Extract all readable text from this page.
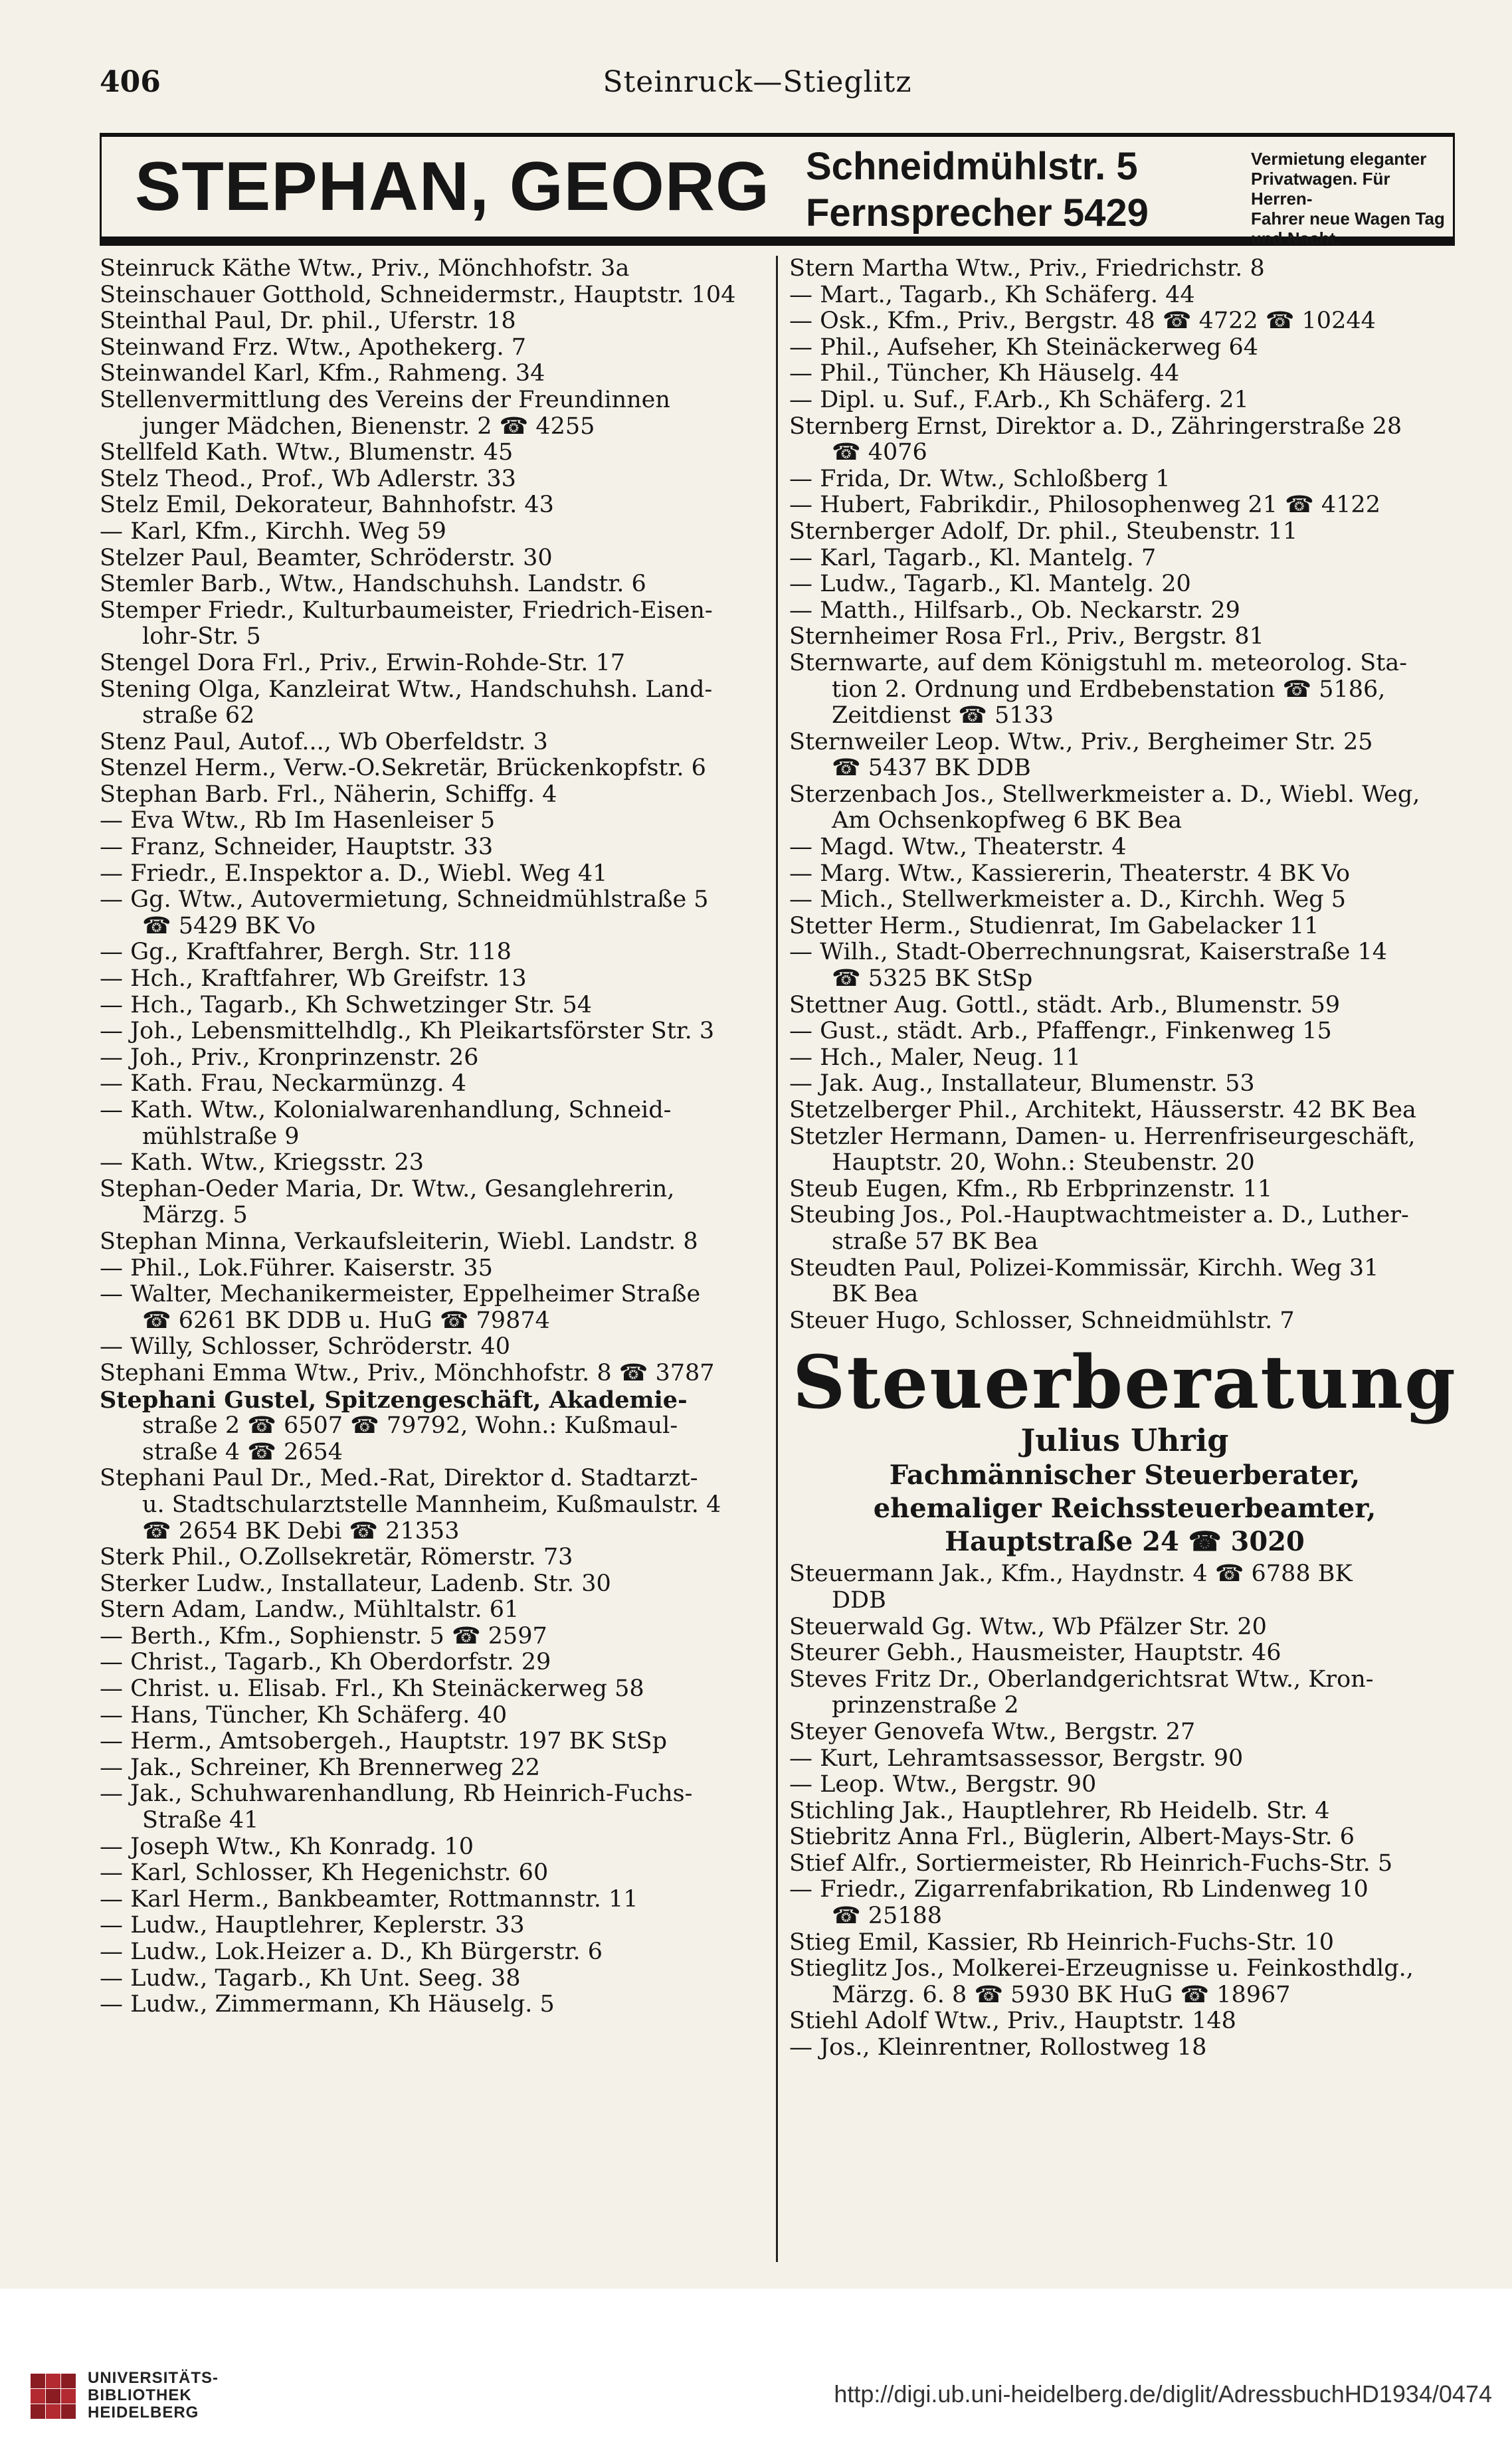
406	Steinruck—Stieglitz
STEPHAN, GEORG Schneidmühlstr. 5
Fernsprecher 5429
Vermietung eleganter
Privatwagen. Für Herren-
Fahrer neue Wagen Tag
und Nacht.
Steinruck Käthe Wtw., Priv., Mönchhofstr. 3a
Steinschauer Gotthold, Schneidermstr., Hauptstr. 104
Steinthal Paul, Dr. phil., Uferstr. 18
Steinwand Frz. Wtw., Apothekerg. 7
Steinwandel Karl, Kfm., Rahmeng. 34
Stellenvermittlung des Vereins der Freundinnen
junger Mädchen, Bienenstr. 2 ☎ 4255
Stellfeld Kath. Wtw., Blumenstr. 45
Stelz Theod., Prof., Wb Adlerstr. 33
Stelz Emil, Dekorateur, Bahnhofstr. 43
— Karl, Kfm., Kirchh. Weg 59
Stelzer Paul, Beamter, Schröderstr. 30
Stemler Barb., Wtw., Handschuhsh. Landstr. 6
Stemper Friedr., Kulturbaumeister, Friedrich-Eisen-
lohr-Str. 5
Stengel Dora Frl., Priv., Erwin-Rohde-Str. 17
Stening Olga, Kanzleirat Wtw., Handschuhsh. Land-
straße 62
Stenz Paul, Autof..., Wb Oberfeldstr. 3
Stenzel Herm., Verw.-O.Sekretär, Brückenkopfstr. 6
Stephan Barb. Frl., Näherin, Schiffg. 4
— Eva Wtw., Rb Im Hasenleiser 5
— Franz, Schneider, Hauptstr. 33
— Friedr., E.Inspektor a. D., Wiebl. Weg 41
— Gg. Wtw., Autovermietung, Schneidmühlstraße 5
☎ 5429 BK Vo
— Gg., Kraftfahrer, Bergh. Str. 118
— Hch., Kraftfahrer, Wb Greifstr. 13
— Hch., Tagarb., Kh Schwetzinger Str. 54
— Joh., Lebensmittelhdlg., Kh Pleikartsförster Str. 3
— Joh., Priv., Kronprinzenstr. 26
— Kath. Frau, Neckarmünzg. 4
— Kath. Wtw., Kolonialwarenhandlung, Schneid-
mühlstraße 9
— Kath. Wtw., Kriegsstr. 23
Stephan-Oeder Maria, Dr. Wtw., Gesanglehrerin,
Märzg. 5
Stephan Minna, Verkaufsleiterin, Wiebl. Landstr. 8
— Phil., Lok.Führer. Kaiserstr. 35
— Walter, Mechanikermeister, Eppelheimer Straße
☎ 6261 BK DDB u. HuG ☎ 79874
— Willy, Schlosser, Schröderstr. 40
Stephani Emma Wtw., Priv., Mönchhofstr. 8 ☎ 3787
Stephani Gustel, Spitzengeschäft, Akademie-
straße 2 ☎ 6507 ☎ 79792, Wohn.: Kußmaul-
straße 4 ☎ 2654
Stephani Paul Dr., Med.-Rat, Direktor d. Stadtarzt-
u. Stadtschularztstelle Mannheim, Kußmaulstr. 4
☎ 2654 BK Debi ☎ 21353
Sterk Phil., O.Zollsekretär, Römerstr. 73
Sterker Ludw., Installateur, Ladenb. Str. 30
Stern Adam, Landw., Mühltalstr. 61
— Berth., Kfm., Sophienstr. 5 ☎ 2597
— Christ., Tagarb., Kh Oberdorfstr. 29
— Christ. u. Elisab. Frl., Kh Steinäckerweg 58
— Hans, Tüncher, Kh Schäferg. 40
— Herm., Amtsobergeh., Hauptstr. 197 BK StSp
— Jak., Schreiner, Kh Brennerweg 22
— Jak., Schuhwarenhandlung, Rb Heinrich-Fuchs-
Straße 41
— Joseph Wtw., Kh Konradg. 10
— Karl, Schlosser, Kh Hegenichstr. 60
— Karl Herm., Bankbeamter, Rottmannstr. 11
— Ludw., Hauptlehrer, Keplerstr. 33
— Ludw., Lok.Heizer a. D., Kh Bürgerstr. 6
— Ludw., Tagarb., Kh Unt. Seeg. 38
— Ludw., Zimmermann, Kh Häuselg. 5
Stern Martha Wtw., Priv., Friedrichstr. 8
— Mart., Tagarb., Kh Schäferg. 44
— Osk., Kfm., Priv., Bergstr. 48 ☎ 4722 ☎ 10244
— Phil., Aufseher, Kh Steinäckerweg 64
— Phil., Tüncher, Kh Häuselg. 44
— Dipl. u. Suf., F.Arb., Kh Schäferg. 21
Sternberg Ernst, Direktor a. D., Zähringerstraße 28
☎ 4076
— Frida, Dr. Wtw., Schloßberg 1
— Hubert, Fabrikdir., Philosophenweg 21 ☎ 4122
Sternberger Adolf, Dr. phil., Steubenstr. 11
— Karl, Tagarb., Kl. Mantelg. 7
— Ludw., Tagarb., Kl. Mantelg. 20
— Matth., Hilfsarb., Ob. Neckarstr. 29
Sternheimer Rosa Frl., Priv., Bergstr. 81
Sternwarte, auf dem Königstuhl m. meteorolog. Sta-
tion 2. Ordnung und Erdbebenstation ☎ 5186,
Zeitdienst ☎ 5133
Sternweiler Leop. Wtw., Priv., Bergheimer Str. 25
☎ 5437 BK DDB
Sterzenbach Jos., Stellwerkmeister a. D., Wiebl. Weg,
Am Ochsenkopfweg 6 BK Bea
— Magd. Wtw., Theaterstr. 4
— Marg. Wtw., Kassiererin, Theaterstr. 4 BK Vo
— Mich., Stellwerkmeister a. D., Kirchh. Weg 5
Stetter Herm., Studienrat, Im Gabelacker 11
— Wilh., Stadt-Oberrechnungsrat, Kaiserstraße 14
☎ 5325 BK StSp
Stettner Aug. Gottl., städt. Arb., Blumenstr. 59
— Gust., städt. Arb., Pfaffengr., Finkenweg 15
— Hch., Maler, Neug. 11
— Jak. Aug., Installateur, Blumenstr. 53
Stetzelberger Phil., Architekt, Häusserstr. 42 BK Bea
Stetzler Hermann, Damen- u. Herrenfriseurgeschäft,
Hauptstr. 20, Wohn.: Steubenstr. 20
Steub Eugen, Kfm., Rb Erbprinzenstr. 11
Steubing Jos., Pol.-Hauptwachtmeister a. D., Luther-
straße 57 BK Bea
Steudten Paul, Polizei-Kommissär, Kirchh. Weg 31
BK Bea
Steuer Hugo, Schlosser, Schneidmühlstr. 7
Steuerberatung
Julius Uhrig
Fachmännischer Steuerberater,
ehemaliger Reichssteuerbeamter,
Hauptstraße 24 ☎ 3020
Steuermann Jak., Kfm., Haydnstr. 4 ☎ 6788 BK
DDB
Steuerwald Gg. Wtw., Wb Pfälzer Str. 20
Steurer Gebh., Hausmeister, Hauptstr. 46
Steves Fritz Dr., Oberlandgerichtsrat Wtw., Kron-
prinzenstraße 2
Steyer Genovefa Wtw., Bergstr. 27
— Kurt, Lehramtsassessor, Bergstr. 90
— Leop. Wtw., Bergstr. 90
Stichling Jak., Hauptlehrer, Rb Heidelb. Str. 4
Stiebritz Anna Frl., Büglerin, Albert-Mays-Str. 6
Stief Alfr., Sortiermeister, Rb Heinrich-Fuchs-Str. 5
— Friedr., Zigarrenfabrikation, Rb Lindenweg 10
☎ 25188
Stieg Emil, Kassier, Rb Heinrich-Fuchs-Str. 10
Stieglitz Jos., Molkerei-Erzeugnisse u. Feinkosthdlg.,
Märzg. 6. 8 ☎ 5930 BK HuG ☎ 18967
Stiehl Adolf Wtw., Priv., Hauptstr. 148
— Jos., Kleinrentner, Rollostweg 18
UNIVERSITÄTS-
BIBLIOTHEK
HEIDELBERG
http://digi.ub.uni-heidelberg.de/diglit/AdressbuchHD1934/0474
